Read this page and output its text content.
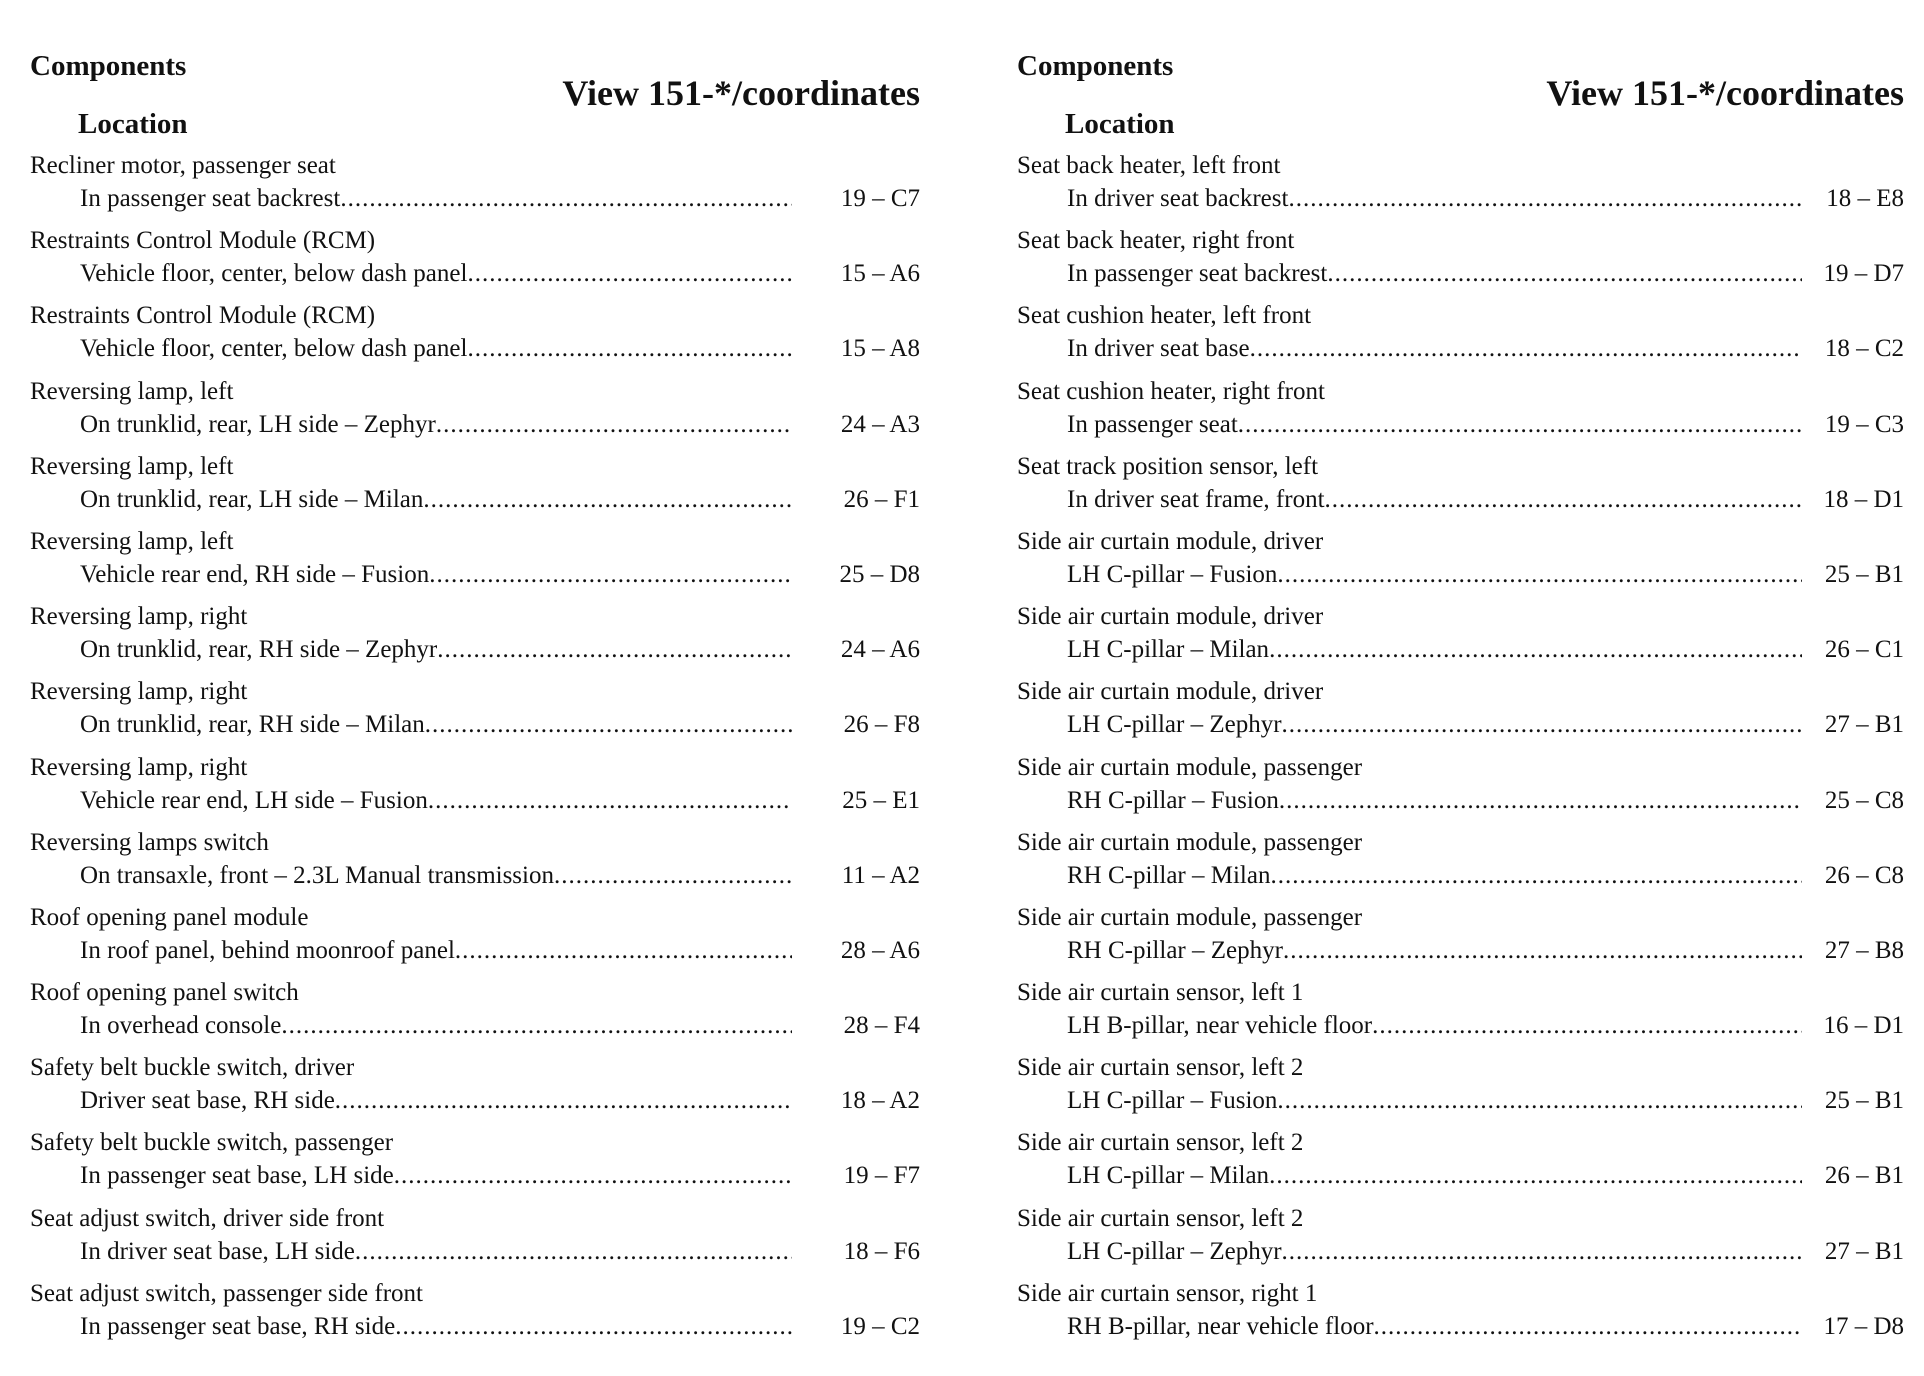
Components
Location
View 151-*/coordinates
Recliner motor, passenger seat
In passenger seat backrest .....	19 – C7
Restraints Control Module (RCM)
Vehicle floor, center, below dash panel .....	15 – A6
Restraints Control Module (RCM)
Vehicle floor, center, below dash panel .....	15 – A8
Reversing lamp, left
On trunklid, rear, LH side – Zephyr .....	24 – A3
Reversing lamp, left
On trunklid, rear, LH side – Milan .....	26 – F1
Reversing lamp, left
Vehicle rear end, RH side – Fusion .....	25 – D8
Reversing lamp, right
On trunklid, rear, RH side – Zephyr .....	24 – A6
Reversing lamp, right
On trunklid, rear, RH side – Milan .....	26 – F8
Reversing lamp, right
Vehicle rear end, LH side – Fusion .....	25 – E1
Reversing lamps switch
On transaxle, front – 2.3L Manual transmission .....	11 – A2
Roof opening panel module
In roof panel, behind moonroof panel .....	28 – A6
Roof opening panel switch
In overhead console .....	28 – F4
Safety belt buckle switch, driver
Driver seat base, RH side .....	18 – A2
Safety belt buckle switch, passenger
In passenger seat base, LH side .....	19 – F7
Seat adjust switch, driver side front
In driver seat base, LH side .....	18 – F6
Seat adjust switch, passenger side front
In passenger seat base, RH side .....	19 – C2
Components
Location
View 151-*/coordinates
Seat back heater, left front
In driver seat backrest .....	18 – E8
Seat back heater, right front
In passenger seat backrest .....	19 – D7
Seat cushion heater, left front
In driver seat base .....	18 – C2
Seat cushion heater, right front
In passenger seat .....	19 – C3
Seat track position sensor, left
In driver seat frame, front .....	18 – D1
Side air curtain module, driver
LH C-pillar – Fusion .....	25 – B1
Side air curtain module, driver
LH C-pillar – Milan .....	26 – C1
Side air curtain module, driver
LH C-pillar – Zephyr .....	27 – B1
Side air curtain module, passenger
RH C-pillar – Fusion .....	25 – C8
Side air curtain module, passenger
RH C-pillar – Milan .....	26 – C8
Side air curtain module, passenger
RH C-pillar – Zephyr .....	27 – B8
Side air curtain sensor, left 1
LH B-pillar, near vehicle floor .....	16 – D1
Side air curtain sensor, left 2
LH C-pillar – Fusion .....	25 – B1
Side air curtain sensor, left 2
LH C-pillar – Milan .....	26 – B1
Side air curtain sensor, left 2
LH C-pillar – Zephyr .....	27 – B1
Side air curtain sensor, right 1
RH B-pillar, near vehicle floor .....	17 – D8
